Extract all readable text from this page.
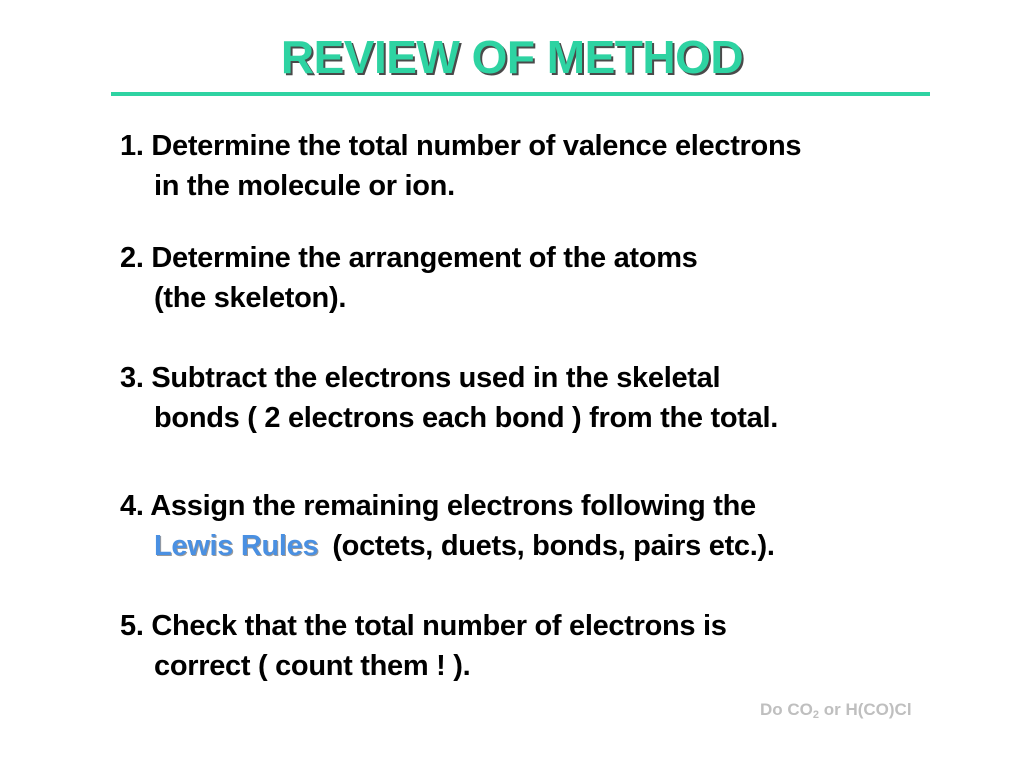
REVIEW OF METHOD
1. Determine the total number of valence electrons
in the molecule or ion.
2. Determine the arrangement of the atoms
(the skeleton).
3. Subtract the electrons used in the skeletal
bonds ( 2 electrons each bond ) from the total.
4. Assign the remaining electrons following the
Lewis Rules (octets, duets, bonds, pairs etc.).
5. Check that the total number of electrons is
correct ( count them ! ).
Do $CO_2$ or H(CO)Cl
